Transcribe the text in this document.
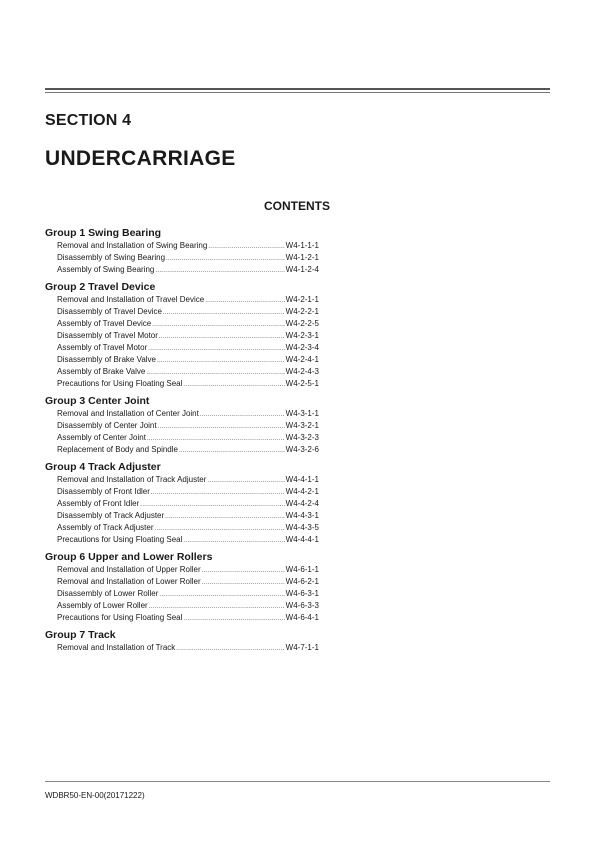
SECTION 4
UNDERCARRIAGE
CONTENTS
Group 1 Swing Bearing
Removal and Installation of Swing Bearing .....	W4-1-1-1
Disassembly of Swing Bearing .....	W4-1-2-1
Assembly of Swing Bearing .....	W4-1-2-4
Group 2 Travel Device
Removal and Installation of Travel Device .....	W4-2-1-1
Disassembly of Travel Device .....	W4-2-2-1
Assembly of Travel Device .....	W4-2-2-5
Disassembly of Travel Motor .....	W4-2-3-1
Assembly of Travel Motor .....	W4-2-3-4
Disassembly of Brake Valve .....	W4-2-4-1
Assembly of Brake Valve .....	W4-2-4-3
Precautions for Using Floating Seal .....	W4-2-5-1
Group 3 Center Joint
Removal and Installation of Center Joint .....	W4-3-1-1
Disassembly of Center Joint .....	W4-3-2-1
Assembly of Center Joint .....	W4-3-2-3
Replacement of Body and Spindle .....	W4-3-2-6
Group 4 Track Adjuster
Removal and Installation of Track Adjuster .....	W4-4-1-1
Disassembly of Front Idler .....	W4-4-2-1
Assembly of Front Idler .....	W4-4-2-4
Disassembly of Track Adjuster .....	W4-4-3-1
Assembly of Track Adjuster .....	W4-4-3-5
Precautions for Using Floating Seal .....	W4-4-4-1
Group 6 Upper and Lower Rollers
Removal and Installation of Upper Roller .....	W4-6-1-1
Removal and Installation of Lower Roller .....	W4-6-2-1
Disassembly of Lower Roller .....	W4-6-3-1
Assembly of Lower Roller .....	W4-6-3-3
Precautions for Using Floating Seal .....	W4-6-4-1
Group 7 Track
Removal and Installation of Track .....	W4-7-1-1
WDBR50-EN-00(20171222)
